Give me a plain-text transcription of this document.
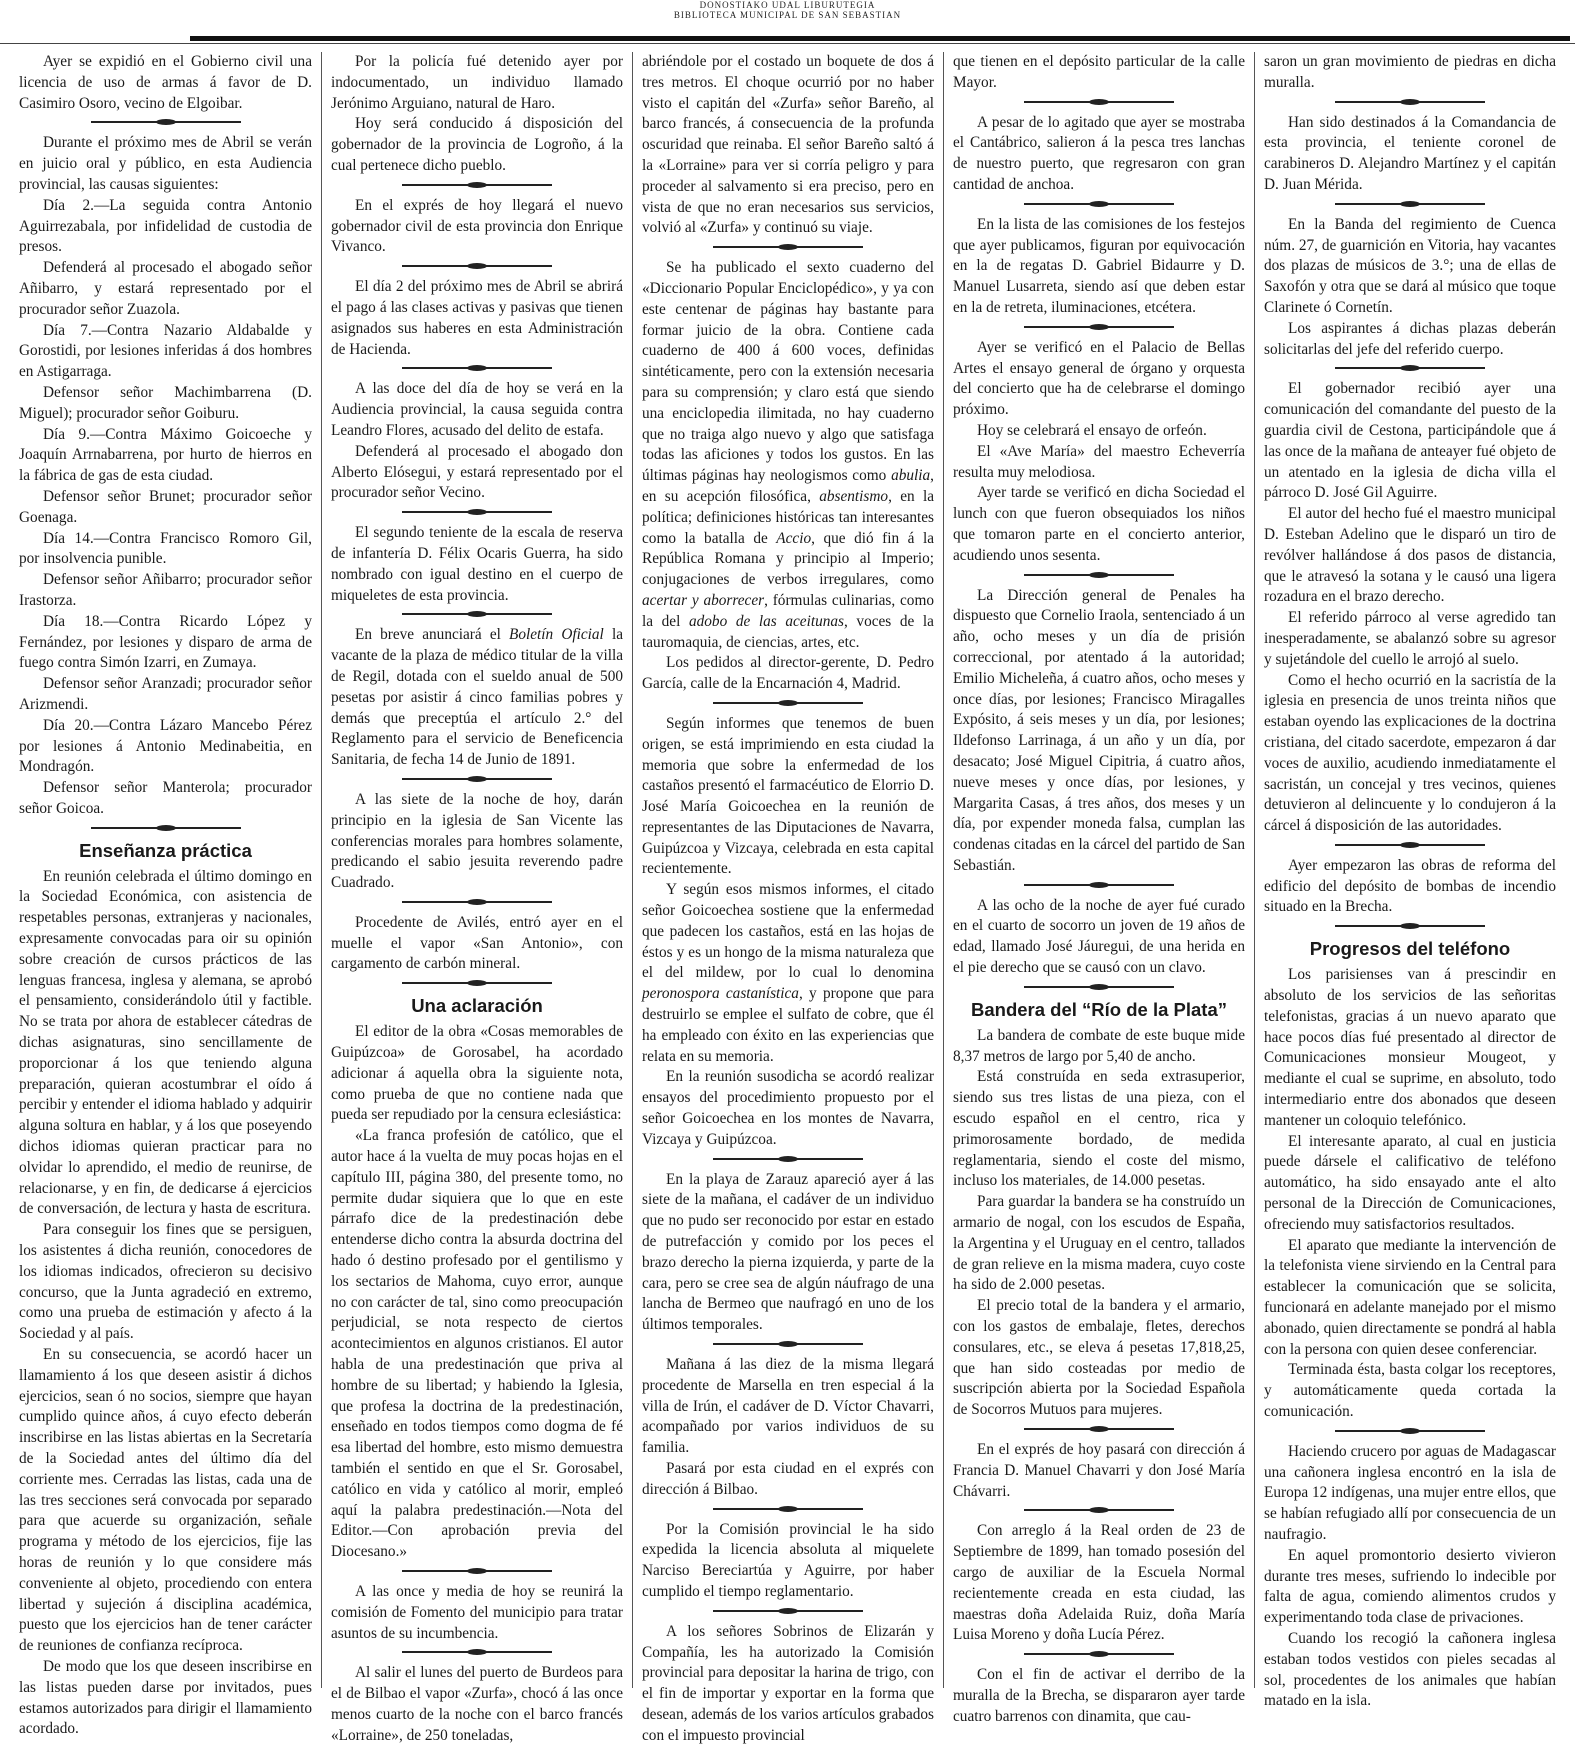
DONOSTIAKO UDAL LIBURUTEGIA
BIBLIOTECA MUNICIPAL DE SAN SEBASTIAN

Ayer se expidió en el Gobierno civil una licencia de uso de armas á favor de D. Casimiro Osoro, vecino de Elgoibar.

Durante el próximo mes de Abril se verán en juicio oral y público, en esta Audiencia provincial, las causas siguientes:

Día 2.—La seguida contra Antonio Aguirrezabala, por infidelidad de custodia de presos.

Defenderá al procesado el abogado señor Añibarro, y estará representado por el procurador señor Zuazola.

Día 7.—Contra Nazario Aldabalde y Gorostidi, por lesiones inferidas á dos hombres en Astigarraga.

Defensor señor Machimbarrena (D. Miguel); procurador señor Goiburu.

Día 9.—Contra Máximo Goicoeche y Joaquín Arrnabarrena, por hurto de hierros en la fábrica de gas de esta ciudad.

Defensor señor Brunet; procurador señor Goenaga.

Día 14.—Contra Francisco Romoro Gil, por insolvencia punible.

Defensor señor Añibarro; procurador señor Irastorza.

Día 18.—Contra Ricardo López y Fernández, por lesiones y disparo de arma de fuego contra Simón Izarri, en Zumaya.

Defensor señor Aranzadi; procurador señor Arizmendi.

Día 20.—Contra Lázaro Mancebo Pérez por lesiones á Antonio Medinabeitia, en Mondragón.

Defensor señor Manterola; procurador señor Goicoa.

Enseñanza práctica

En reunión celebrada el último domingo en la Sociedad Económica, con asistencia de respetables personas, extranjeras y nacionales, expresamente convocadas para oir su opinión sobre creación de cursos prácticos de las lenguas francesa, inglesa y alemana, se aprobó el pensamiento, considerándolo útil y factible. No se trata por ahora de establecer cátedras de dichas asignaturas, sino sencillamente de proporcionar á los que teniendo alguna preparación, quieran acostumbrar el oído á percibir y entender el idioma hablado y adquirir alguna soltura en hablar, y á los que poseyendo dichos idiomas quieran practicar para no olvidar lo aprendido, el medio de reunirse, de relacionarse, y en fin, de dedicarse á ejercicios de conversación, de lectura y hasta de escritura.

Para conseguir los fines que se persiguen, los asistentes á dicha reunión, conocedores de los idiomas indicados, ofrecieron su decisivo concurso, que la Junta agradeció en extremo, como una prueba de estimación y afecto á la Sociedad y al país.

En su consecuencia, se acordó hacer un llamamiento á los que deseen asistir á dichos ejercicios, sean ó no socios, siempre que hayan cumplido quince años, á cuyo efecto deberán inscribirse en las listas abiertas en la Secretaría de la Sociedad antes del último día del corriente mes. Cerradas las listas, cada una de las tres secciones será convocada por separado para que acuerde su organización, señale programa y método de los ejercicios, fije las horas de reunión y lo que considere más conveniente al objeto, procediendo con entera libertad y sujeción á disciplina académica, puesto que los ejercicios han de tener carácter de reuniones de confianza recíproca.

De modo que los que deseen inscribirse en las listas pueden darse por invitados, pues estamos autorizados para dirigir el llamamiento acordado.

Por la policía fué detenido ayer por indocumentado, un individuo llamado Jerónimo Arguiano, natural de Haro.

Hoy será conducido á disposición del gobernador de la provincia de Logroño, á la cual pertenece dicho pueblo.

En el exprés de hoy llegará el nuevo gobernador civil de esta provincia don Enrique Vivanco.

El día 2 del próximo mes de Abril se abrirá el pago á las clases activas y pasivas que tienen asignados sus haberes en esta Administración de Hacienda.

A las doce del día de hoy se verá en la Audiencia provincial, la causa seguida contra Leandro Flores, acusado del delito de estafa.

Defenderá al procesado el abogado don Alberto Elósegui, y estará representado por el procurador señor Vecino.

El segundo teniente de la escala de reserva de infantería D. Félix Ocaris Guerra, ha sido nombrado con igual destino en el cuerpo de miqueletes de esta provincia.

En breve anunciará el Boletín Oficial la vacante de la plaza de médico titular de la villa de Regil, dotada con el sueldo anual de 500 pesetas por asistir á cinco familias pobres y demás que preceptúa el artículo 2.° del Reglamento para el servicio de Beneficencia Sanitaria, de fecha 14 de Junio de 1891.

A las siete de la noche de hoy, darán principio en la iglesia de San Vicente las conferencias morales para hombres solamente, predicando el sabio jesuita reverendo padre Cuadrado.

Procedente de Avilés, entró ayer en el muelle el vapor «San Antonio», con cargamento de carbón mineral.

Una aclaración

El editor de la obra «Cosas memorables de Guipúzcoa» de Gorosabel, ha acordado adicionar á aquella obra la siguiente nota, como prueba de que no contiene nada que pueda ser repudiado por la censura eclesiástica:

«La franca profesión de católico, que el autor hace á la vuelta de muy pocas hojas en el capítulo III, página 380, del presente tomo, no permite dudar siquiera que lo que en este párrafo dice de la predestinación debe entenderse dicho contra la absurda doctrina del hado ó destino profesado por el gentilismo y los sectarios de Mahoma, cuyo error, aunque no con carácter de tal, sino como preocupación perjudicial, se nota respecto de ciertos acontecimientos en algunos cristianos. El autor habla de una predestinación que priva al hombre de su libertad; y habiendo la Iglesia, que profesa la doctrina de la predestinación, enseñado en todos tiempos como dogma de fé esa libertad del hombre, esto mismo demuestra también el sentido en que el Sr. Gorosabel, católico en vida y católico al morir, empleó aquí la palabra predestinación.—Nota del Editor.—Con aprobación previa del Diocesano.»

A las once y media de hoy se reunirá la comisión de Fomento del municipio para tratar asuntos de su incumbencia.

Al salir el lunes del puerto de Burdeos para el de Bilbao el vapor «Zurfa», chocó á las once menos cuarto de la noche con el barco francés «Lorraine», de 250 toneladas,

abriéndole por el costado un boquete de dos á tres metros. El choque ocurrió por no haber visto el capitán del «Zurfa» señor Bareño, al barco francés, á consecuencia de la profunda oscuridad que reinaba. El señor Bareño saltó á la «Lorraine» para ver si corría peligro y para proceder al salvamento si era preciso, pero en vista de que no eran necesarios sus servicios, volvió al «Zurfa» y continuó su viaje.

Se ha publicado el sexto cuaderno del «Diccionario Popular Enciclopédico», y ya con este centenar de páginas hay bastante para formar juicio de la obra. Contiene cada cuaderno de 400 á 600 voces, definidas sintéticamente, pero con la extensión necesaria para su comprensión; y claro está que siendo una enciclopedia ilimitada, no hay cuaderno que no traiga algo nuevo y algo que satisfaga todas las aficiones y todos los gustos. En las últimas páginas hay neologismos como abulia, en su acepción filosófica, absentismo, en la política; definiciones históricas tan interesantes como la batalla de Accio, que dió fin á la República Romana y principio al Imperio; conjugaciones de verbos irregulares, como acertar y aborrecer, fórmulas culinarias, como la del adobo de las aceitunas, voces de la tauromaquia, de ciencias, artes, etc.

Los pedidos al director-gerente, D. Pedro García, calle de la Encarnación 4, Madrid.

Según informes que tenemos de buen origen, se está imprimiendo en esta ciudad la memoria que sobre la enfermedad de los castaños presentó el farmacéutico de Elorrio D. José María Goicoechea en la reunión de representantes de las Diputaciones de Navarra, Guipúzcoa y Vizcaya, celebrada en esta capital recientemente.

Y según esos mismos informes, el citado señor Goicoechea sostiene que la enfermedad que padecen los castaños, está en las hojas de éstos y es un hongo de la misma naturaleza que el del mildew, por lo cual lo denomina peronospora castanística, y propone que para destruirlo se emplee el sulfato de cobre, que él ha empleado con éxito en las experiencias que relata en su memoria.

En la reunión susodicha se acordó realizar ensayos del procedimiento propuesto por el señor Goicoechea en los montes de Navarra, Vizcaya y Guipúzcoa.

En la playa de Zarauz apareció ayer á las siete de la mañana, el cadáver de un individuo que no pudo ser reconocido por estar en estado de putrefacción y comido por los peces el brazo derecho la pierna izquierda, y parte de la cara, pero se cree sea de algún náufrago de una lancha de Bermeo que naufragó en uno de los últimos temporales.

Mañana á las diez de la misma llegará procedente de Marsella en tren especial á la villa de Irún, el cadáver de D. Víctor Chavarri, acompañado por varios individuos de su familia.

Pasará por esta ciudad en el exprés con dirección á Bilbao.

Por la Comisión provincial le ha sido expedida la licencia absoluta al miquelete Narciso Bereciartúa y Aguirre, por haber cumplido el tiempo reglamentario.

A los señores Sobrinos de Elizarán y Compañía, les ha autorizado la Comisión provincial para depositar la harina de trigo, con el fin de importar y exportar en la forma que desean, además de los varios artículos grabados con el impuesto provincial

que tienen en el depósito particular de la calle Mayor.

A pesar de lo agitado que ayer se mostraba el Cantábrico, salieron á la pesca tres lanchas de nuestro puerto, que regresaron con gran cantidad de anchoa.

En la lista de las comisiones de los festejos que ayer publicamos, figuran por equivocación en la de regatas D. Gabriel Bidaurre y D. Manuel Lusarreta, siendo así que deben estar en la de retreta, iluminaciones, etcétera.

Ayer se verificó en el Palacio de Bellas Artes el ensayo general de órgano y orquesta del concierto que ha de celebrarse el domingo próximo.

Hoy se celebrará el ensayo de orfeón.

El «Ave María» del maestro Echeverría resulta muy melodiosa.

Ayer tarde se verificó en dicha Sociedad el lunch con que fueron obsequiados los niños que tomaron parte en el concierto anterior, acudiendo unos sesenta.

La Dirección general de Penales ha dispuesto que Cornelio Iraola, sentenciado á un año, ocho meses y un día de prisión correccional, por atentado á la autoridad; Emilio Micheleña, á cuatro años, ocho meses y once días, por lesiones; Francisco Miragalles Expósito, á seis meses y un día, por lesiones; Ildefonso Larrinaga, á un año y un día, por desacato; José Miguel Cipitria, á cuatro años, nueve meses y once días, por lesiones, y Margarita Casas, á tres años, dos meses y un día, por expender moneda falsa, cumplan las condenas citadas en la cárcel del partido de San Sebastián.

A las ocho de la noche de ayer fué curado en el cuarto de socorro un joven de 19 años de edad, llamado José Jáuregui, de una herida en el pie derecho que se causó con un clavo.

Bandera del “Río de la Plata”

La bandera de combate de este buque mide 8,37 metros de largo por 5,40 de ancho.

Está construída en seda extrasuperior, siendo sus tres listas de una pieza, con el escudo español en el centro, rica y primorosamente bordado, de medida reglamentaria, siendo el coste del mismo, incluso los materiales, de 14.000 pesetas.

Para guardar la bandera se ha construído un armario de nogal, con los escudos de España, la Argentina y el Uruguay en el centro, tallados de gran relieve en la misma madera, cuyo coste ha sido de 2.000 pesetas.

El precio total de la bandera y el armario, con los gastos de embalaje, fletes, derechos consulares, etc., se eleva á pesetas 17,818,25, que han sido costeadas por medio de suscripción abierta por la Sociedad Española de Socorros Mutuos para mujeres.

En el exprés de hoy pasará con dirección á Francia D. Manuel Chavarri y don José María Chávarri.

Con arreglo á la Real orden de 23 de Septiembre de 1899, han tomado posesión del cargo de auxiliar de la Escuela Normal recientemente creada en esta ciudad, las maestras doña Adelaida Ruiz, doña María Luisa Moreno y doña Lucía Pérez.

Con el fin de activar el derribo de la muralla de la Brecha, se dispararon ayer tarde cuatro barrenos con dinamita, que cau-

saron un gran movimiento de piedras en dicha muralla.

Han sido destinados á la Comandancia de esta provincia, el teniente coronel de carabineros D. Alejandro Martínez y el capitán D. Juan Mérida.

En la Banda del regimiento de Cuenca núm. 27, de guarnición en Vitoria, hay vacantes dos plazas de músicos de 3.°; una de ellas de Saxofón y otra que se dará al músico que toque Clarinete ó Cornetín.

Los aspirantes á dichas plazas deberán solicitarlas del jefe del referido cuerpo.

El gobernador recibió ayer una comunicación del comandante del puesto de la guardia civil de Cestona, participándole que á las once de la mañana de anteayer fué objeto de un atentado en la iglesia de dicha villa el párroco D. José Gil Aguirre.

El autor del hecho fué el maestro municipal D. Esteban Adelino que le disparó un tiro de revólver hallándose á dos pasos de distancia, que le atravesó la sotana y le causó una ligera rozadura en el brazo derecho.

El referido párroco al verse agredido tan inesperadamente, se abalanzó sobre su agresor y sujetándole del cuello le arrojó al suelo.

Como el hecho ocurrió en la sacristía de la iglesia en presencia de unos treinta niños que estaban oyendo las explicaciones de la doctrina cristiana, del citado sacerdote, empezaron á dar voces de auxilio, acudiendo inmediatamente el sacristán, un concejal y tres vecinos, quienes detuvieron al delincuente y lo condujeron á la cárcel á disposición de las autoridades.

Ayer empezaron las obras de reforma del edificio del depósito de bombas de incendio situado en la Brecha.

Progresos del teléfono

Los parisienses van á prescindir en absoluto de los servicios de las señoritas telefonistas, gracias á un nuevo aparato que hace pocos días fué presentado al director de Comunicaciones monsieur Mougeot, y mediante el cual se suprime, en absoluto, todo intermediario entre dos abonados que deseen mantener un coloquio telefónico.

El interesante aparato, al cual en justicia puede dársele el calificativo de teléfono automático, ha sido ensayado ante el alto personal de la Dirección de Comunicaciones, ofreciendo muy satisfactorios resultados.

El aparato que mediante la intervención de la telefonista viene sirviendo en la Central para establecer la comunicación que se solicita, funcionará en adelante manejado por el mismo abonado, quien directamente se pondrá al habla con la persona con quien desee conferenciar.

Terminada ésta, basta colgar los receptores, y automáticamente queda cortada la comunicación.

Haciendo crucero por aguas de Madagascar una cañonera inglesa encontró en la isla de Europa 12 indígenas, una mujer entre ellos, que se habían refugiado allí por consecuencia de un naufragio.

En aquel promontorio desierto vivieron durante tres meses, sufriendo lo indecible por falta de agua, comiendo alimentos crudos y experimentando toda clase de privaciones.

Cuando los recogió la cañonera inglesa estaban todos vestidos con pieles secadas al sol, procedentes de los animales que habían matado en la isla.
